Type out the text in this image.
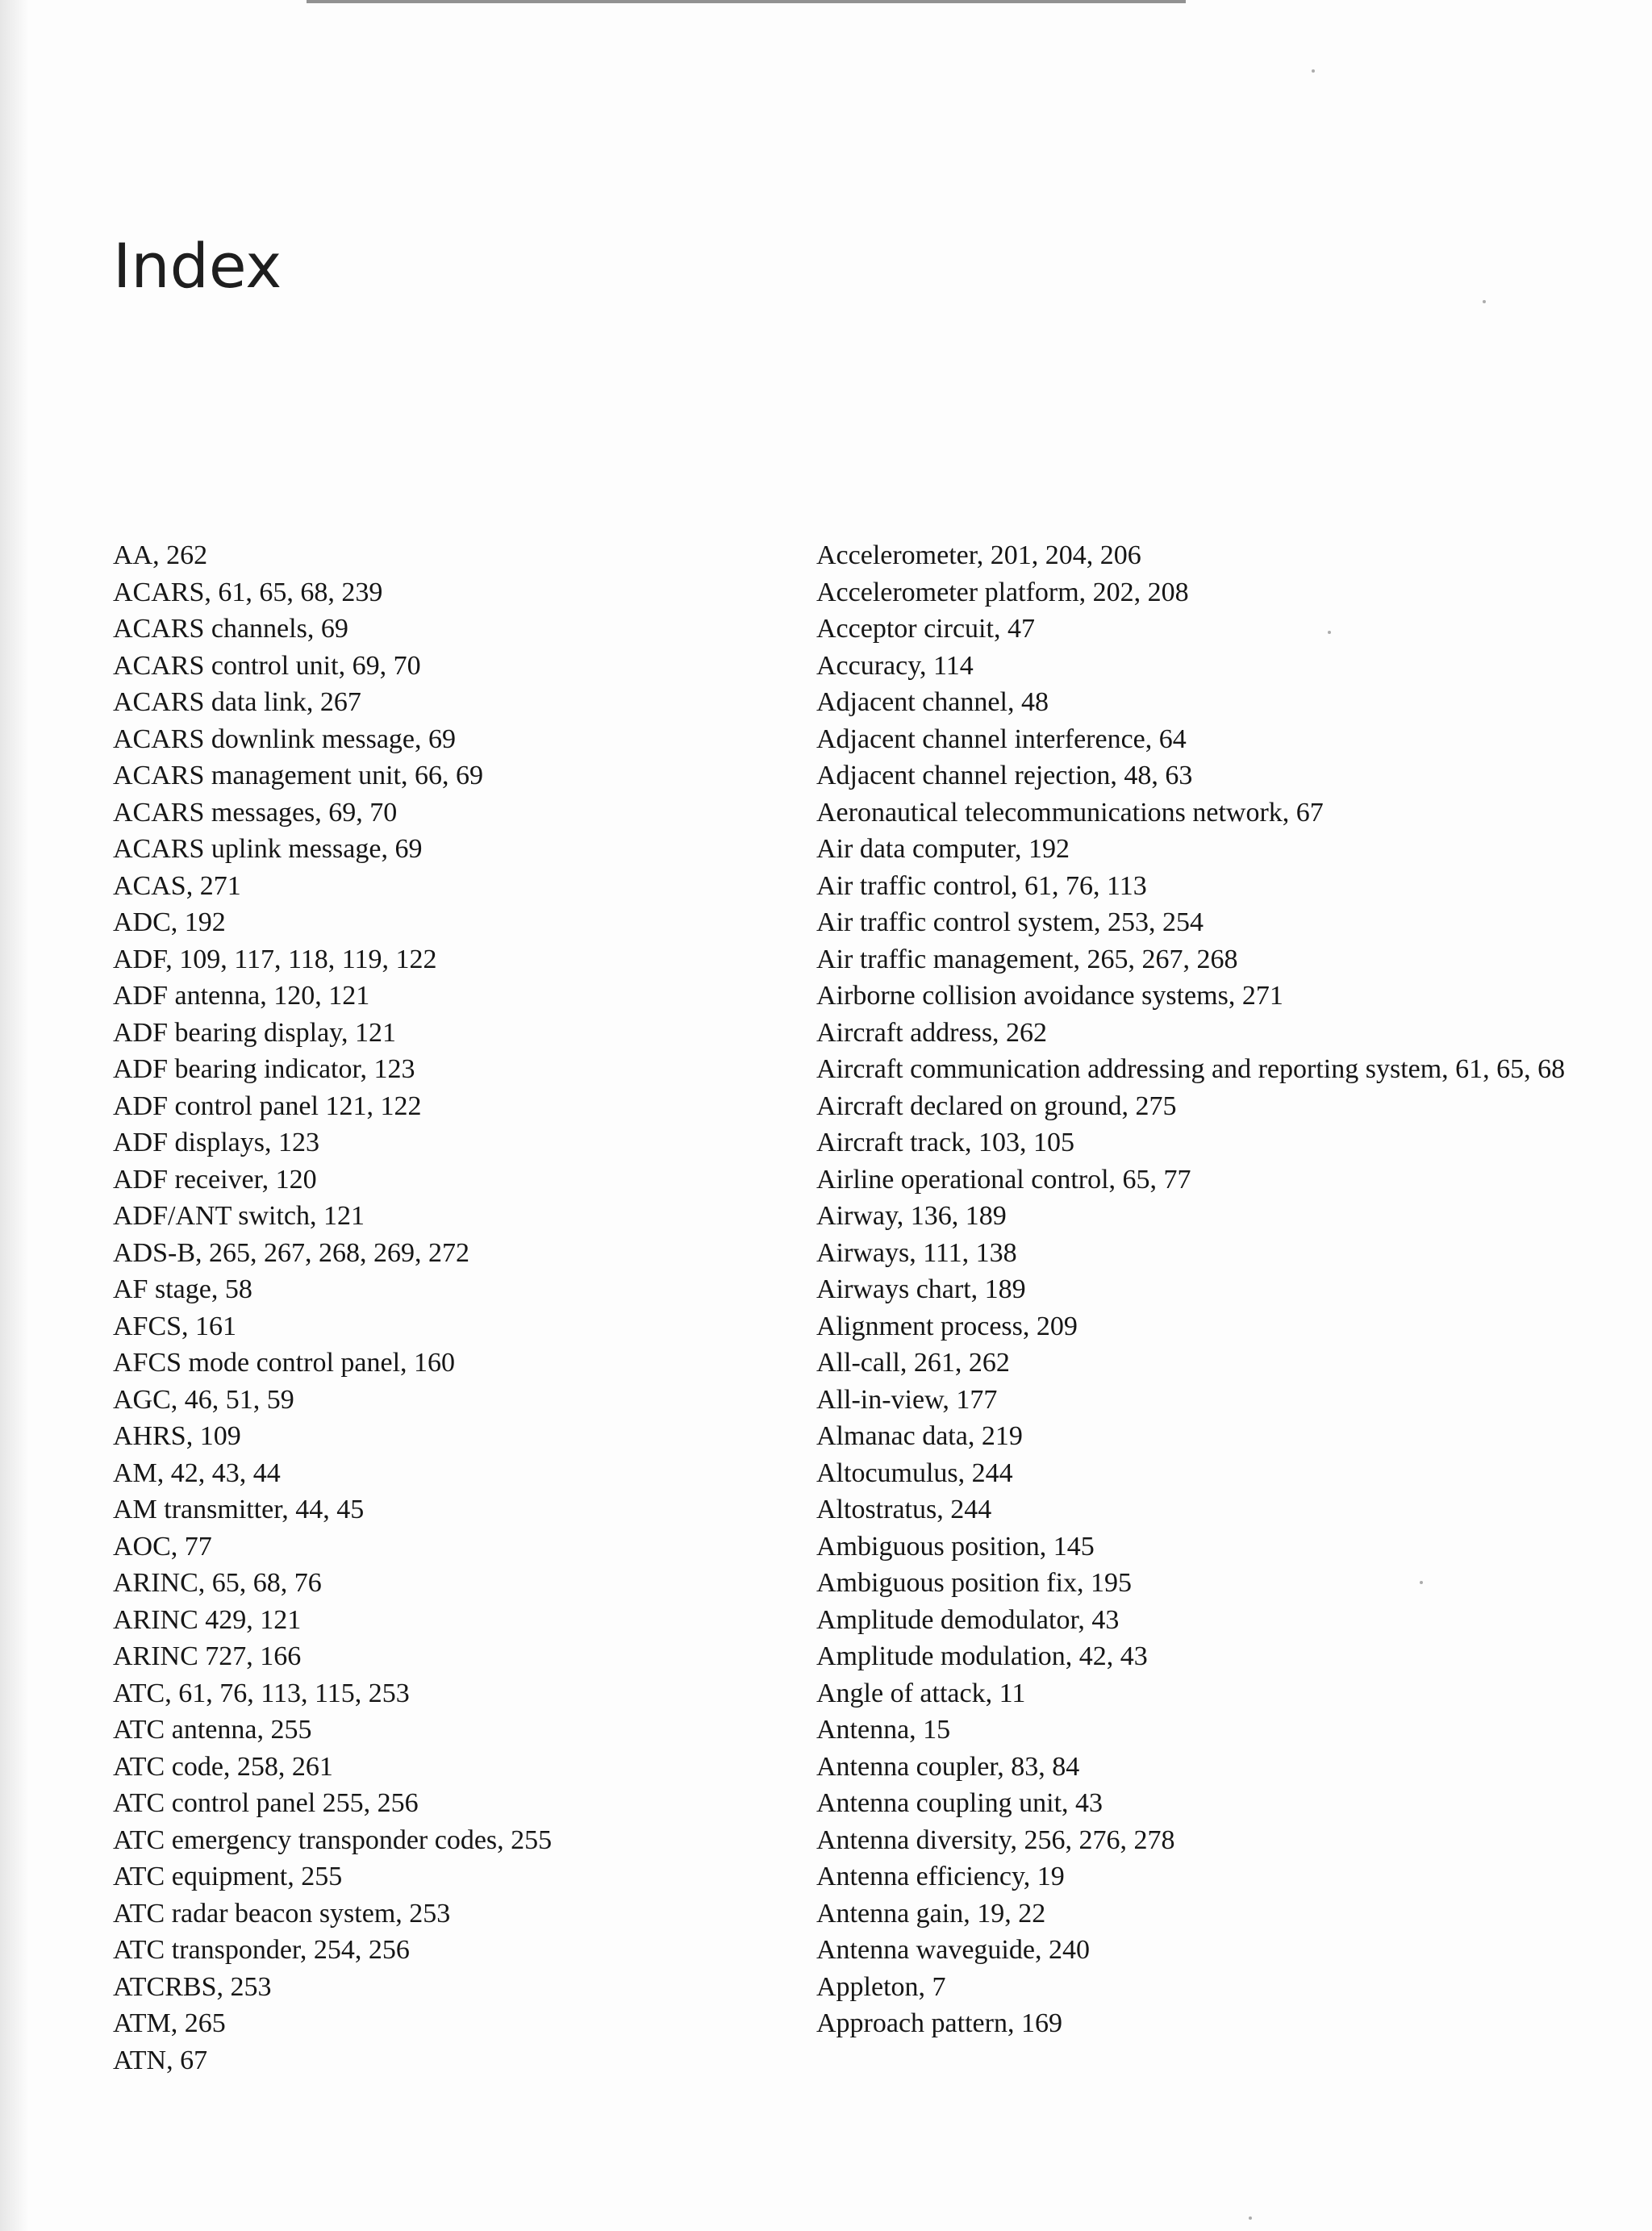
Index
AA, 262
ACARS, 61, 65, 68, 239
ACARS channels, 69
ACARS control unit, 69, 70
ACARS data link, 267
ACARS downlink message, 69
ACARS management unit, 66, 69
ACARS messages, 69, 70
ACARS uplink message, 69
ACAS, 271
ADC, 192
ADF, 109, 117, 118, 119, 122
ADF antenna, 120, 121
ADF bearing display, 121
ADF bearing indicator, 123
ADF control panel 121, 122
ADF displays, 123
ADF receiver, 120
ADF/ANT switch, 121
ADS-B, 265, 267, 268, 269, 272
AF stage, 58
AFCS, 161
AFCS mode control panel, 160
AGC, 46, 51, 59
AHRS, 109
AM, 42, 43, 44
AM transmitter, 44, 45
AOC, 77
ARINC, 65, 68, 76
ARINC 429, 121
ARINC 727, 166
ATC, 61, 76, 113, 115, 253
ATC antenna, 255
ATC code, 258, 261
ATC control panel 255, 256
ATC emergency transponder codes, 255
ATC equipment, 255
ATC radar beacon system, 253
ATC transponder, 254, 256
ATCRBS, 253
ATM, 265
ATN, 67
Accelerometer, 201, 204, 206
Accelerometer platform, 202, 208
Acceptor circuit, 47
Accuracy, 114
Adjacent channel, 48
Adjacent channel interference, 64
Adjacent channel rejection, 48, 63
Aeronautical telecommunications network, 67
Air data computer, 192
Air traffic control, 61, 76, 113
Air traffic control system, 253, 254
Air traffic management, 265, 267, 268
Airborne collision avoidance systems, 271
Aircraft address, 262
Aircraft communication addressing and reporting system, 61, 65, 68
Aircraft declared on ground, 275
Aircraft track, 103, 105
Airline operational control, 65, 77
Airway, 136, 189
Airways, 111, 138
Airways chart, 189
Alignment process, 209
All-call, 261, 262
All-in-view, 177
Almanac data, 219
Altocumulus, 244
Altostratus, 244
Ambiguous position, 145
Ambiguous position fix, 195
Amplitude demodulator, 43
Amplitude modulation, 42, 43
Angle of attack, 11
Antenna, 15
Antenna coupler, 83, 84
Antenna coupling unit, 43
Antenna diversity, 256, 276, 278
Antenna efficiency, 19
Antenna gain, 19, 22
Antenna waveguide, 240
Appleton, 7
Approach pattern, 169
